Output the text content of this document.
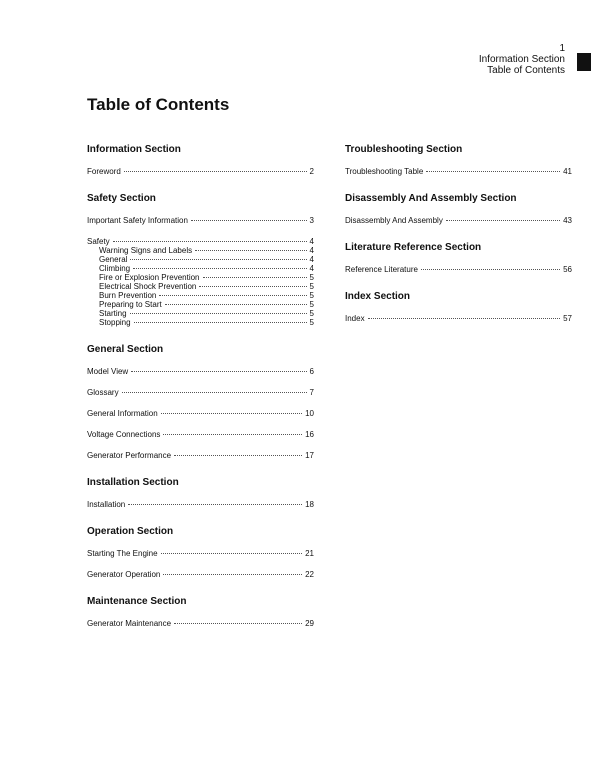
1
Information Section
Table of Contents
Table of Contents
Information Section
Foreword	2
Safety Section
Important Safety Information	3
Safety	4
Warning Signs and Labels	4
General	4
Climbing	4
Fire or Explosion Prevention	5
Electrical Shock Prevention	5
Burn Prevention	5
Preparing to Start	5
Starting	5
Stopping	5
General Section
Model View	6
Glossary	7
General Information	10
Voltage Connections	16
Generator Performance	17
Installation Section
Installation	18
Operation Section
Starting The Engine	21
Generator Operation	22
Maintenance Section
Generator Maintenance	29
Troubleshooting Section
Troubleshooting Table	41
Disassembly And Assembly Section
Disassembly And Assembly	43
Literature Reference Section
Reference Literature	56
Index Section
Index	57
